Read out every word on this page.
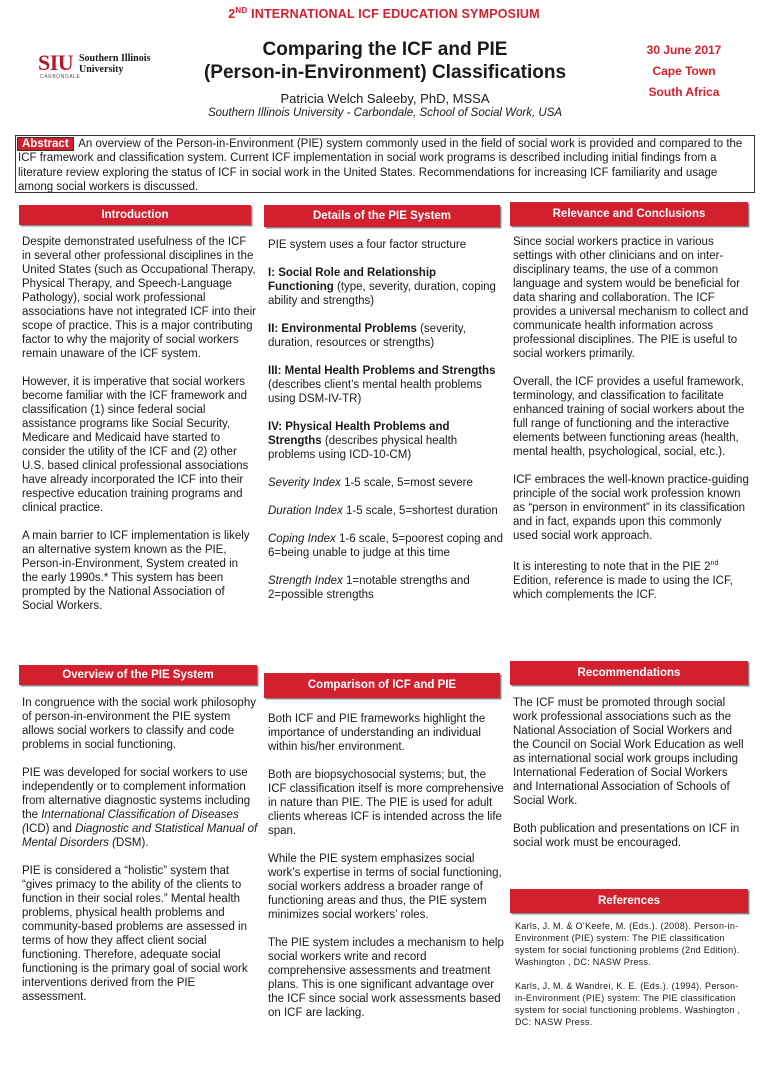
2ND INTERNATIONAL ICF EDUCATION SYMPOSIUM
SIU Southern Illinois
University
CARBONDALE
Comparing the ICF and PIE
(Person-in-Environment) Classifications
Patricia Welch Saleeby, PhD, MSSA
Southern Illinois University - Carbondale, School of Social Work, USA
30 June 2017
Cape Town
South Africa
Abstract An overview of the Person-in-Environment (PIE) system commonly used in the field of social work is provided and compared to the ICF framework and classification system. Current ICF implementation in social work programs is described including initial findings from a literature review exploring the status of ICF in social work in the United States. Recommendations for increasing ICF familiarity and usage among social workers is discussed.
Introduction

Despite demonstrated usefulness of the ICF in several other professional disciplines in the United States (such as Occupational Therapy, Physical Therapy, and Speech-Language Pathology), social work professional associations have not integrated ICF into their scope of practice. This is a major contributing factor to why the majority of social workers remain unaware of the ICF system.

However, it is imperative that social workers become familiar with the ICF framework and classification (1) since federal social assistance programs like Social Security, Medicare and Medicaid have started to consider the utility of the ICF and (2) other U.S. based clinical professional associations have already incorporated the ICF into their respective education training programs and clinical practice.

A main barrier to ICF implementation is likely an alternative system known as the PIE, Person-in-Environment, System created in the early 1990s.* This system has been prompted by the National Association of Social Workers.

Overview of the PIE System

In congruence with the social work philosophy of person-in-environment the PIE system allows social workers to classify and code problems in social functioning.

PIE was developed for social workers to use independently or to complement information from alternative diagnostic systems including the International Classification of Diseases (ICD) and Diagnostic and Statistical Manual of Mental Disorders (DSM).

PIE is considered a “holistic” system that “gives primacy to the ability of the clients to function in their social roles.” Mental health problems, physical health problems and community-based problems are assessed in terms of how they affect client social functioning. Therefore, adequate social functioning is the primary goal of social work interventions derived from the PIE assessment.

Details of the PIE System

PIE system uses a four factor structure

I: Social Role and Relationship Functioning (type, severity, duration, coping ability and strengths)

II: Environmental Problems (severity, duration, resources or strengths)

III: Mental Health Problems and Strengths (describes client’s mental health problems using DSM-IV-TR)

IV: Physical Health Problems and Strengths (describes physical health problems using ICD-10-CM)

Severity Index 1-5 scale, 5=most severe

Duration Index 1-5 scale, 5=shortest duration

Coping Index 1-6 scale, 5=poorest coping and 6=being unable to judge at this time

Strength Index 1=notable strengths and 2=possible strengths

Comparison of ICF and PIE

Both ICF and PIE frameworks highlight the importance of understanding an individual within his/her environment.

Both are biopsychosocial systems; but, the ICF classification itself is more comprehensive in nature than PIE. The PIE is used for adult clients whereas ICF is intended across the life span.

While the PIE system emphasizes social work’s expertise in terms of social functioning, social workers address a broader range of functioning areas and thus, the PIE system minimizes social workers’ roles.

The PIE system includes a mechanism to help social workers write and record comprehensive assessments and treatment plans. This is one significant advantage over the ICF since social work assessments based on ICF are lacking.

Relevance and Conclusions

Since social workers practice in various settings with other clinicians and on inter-disciplinary teams, the use of a common language and system would be beneficial for data sharing and collaboration. The ICF provides a universal mechanism to collect and communicate health information across professional disciplines. The PIE is useful to social workers primarily.

Overall, the ICF provides a useful framework, terminology, and classification to facilitate enhanced training of social workers about the full range of functioning and the interactive elements between functioning areas (health, mental health, psychological, social, etc.).

ICF embraces the well-known practice-guiding principle of the social work profession known as “person in environment” in its classification and in fact, expands upon this commonly used social work approach.

It is interesting to note that in the PIE 2nd Edition, reference is made to using the ICF, which complements the ICF.

Recommendations

The ICF must be promoted through social work professional associations such as the National Association of Social Workers and the Council on Social Work Education as well as international social work groups including International Federation of Social Workers and International Association of Schools of Social Work.

Both publication and presentations on ICF in social work must be encouraged.

References

Karls, J. M. & O’Keefe, M. (Eds.). (2008). Person-in-Environment (PIE) system: The PIE classification system for social functioning problems (2nd Edition). Washington , DC: NASW Press.

Karls, J. M. & Wandrei, K. E. (Eds.). (1994). Person-in-Environment (PIE) system: The PIE classification system for social functioning problems. Washington , DC: NASW Press.
